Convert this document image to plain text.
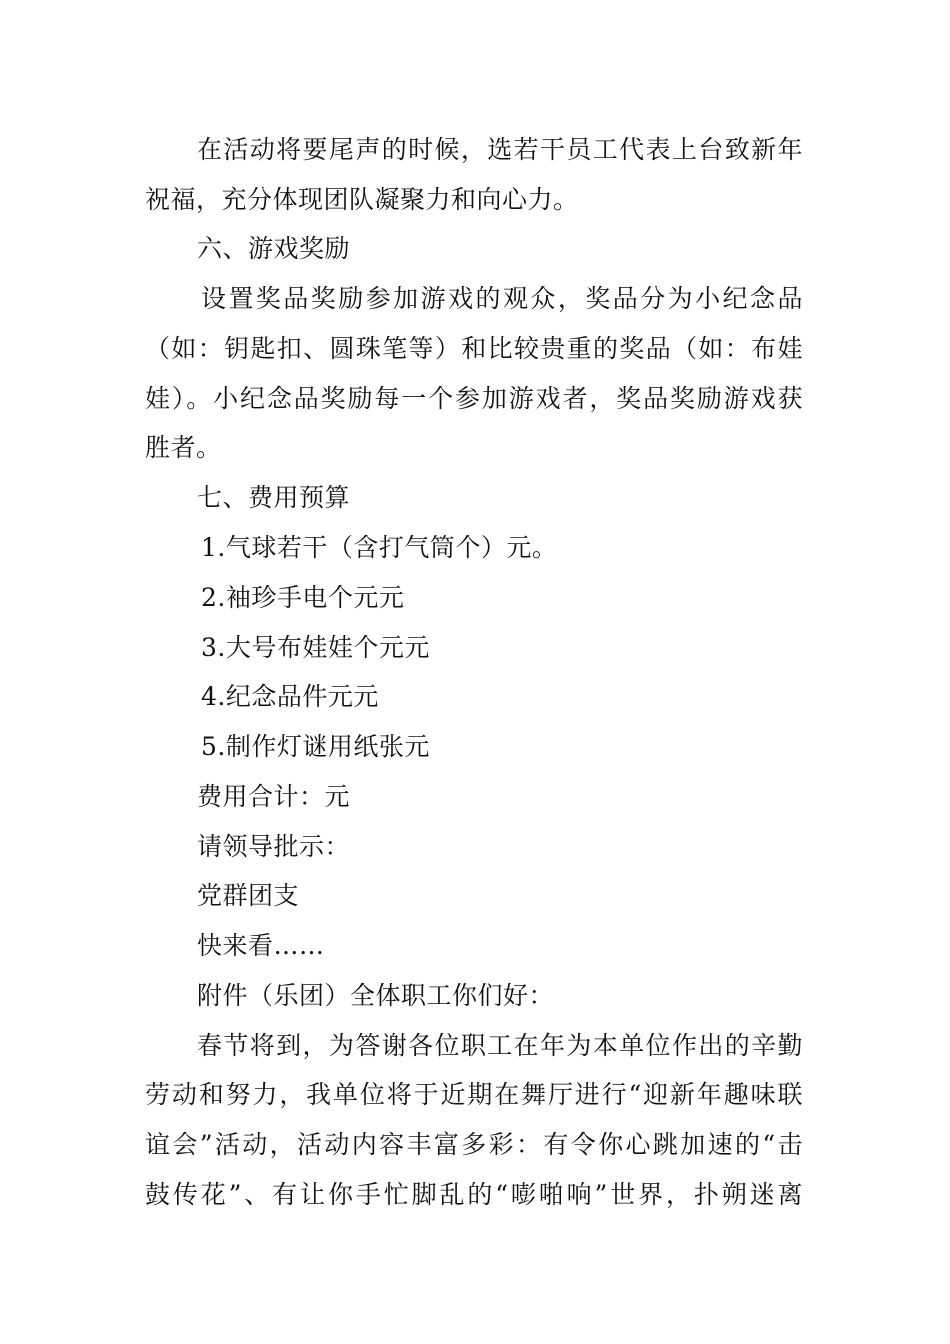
在活动将要尾声的时候，选若干员工代表上台致新年
祝福，充分体现团队凝聚力和向心力。
六、游戏奖励
设置奖品奖励参加游戏的观众，奖品分为小纪念品
（如：钥匙扣、圆珠笔等）和比较贵重的奖品（如：布娃
娃）。小纪念品奖励每一个参加游戏者，奖品奖励游戏获
胜者。
七、费用预算
1.气球若干（含打气筒个）元。
2.袖珍手电个元元
3.大号布娃娃个元元
4.纪念品件元元
5.制作灯谜用纸张元
费用合计：元
请领导批示：
党群团支
快来看……
附件（乐团）全体职工你们好：
春节将到，为答谢各位职工在年为本单位作出的辛勤
劳动和努力，我单位将于近期在舞厅进行“迎新年趣味联
谊会”活动，活动内容丰富多彩：有令你心跳加速的“击
鼓传花”、有让你手忙脚乱的“嘭啪响”世界，扑朔迷离
